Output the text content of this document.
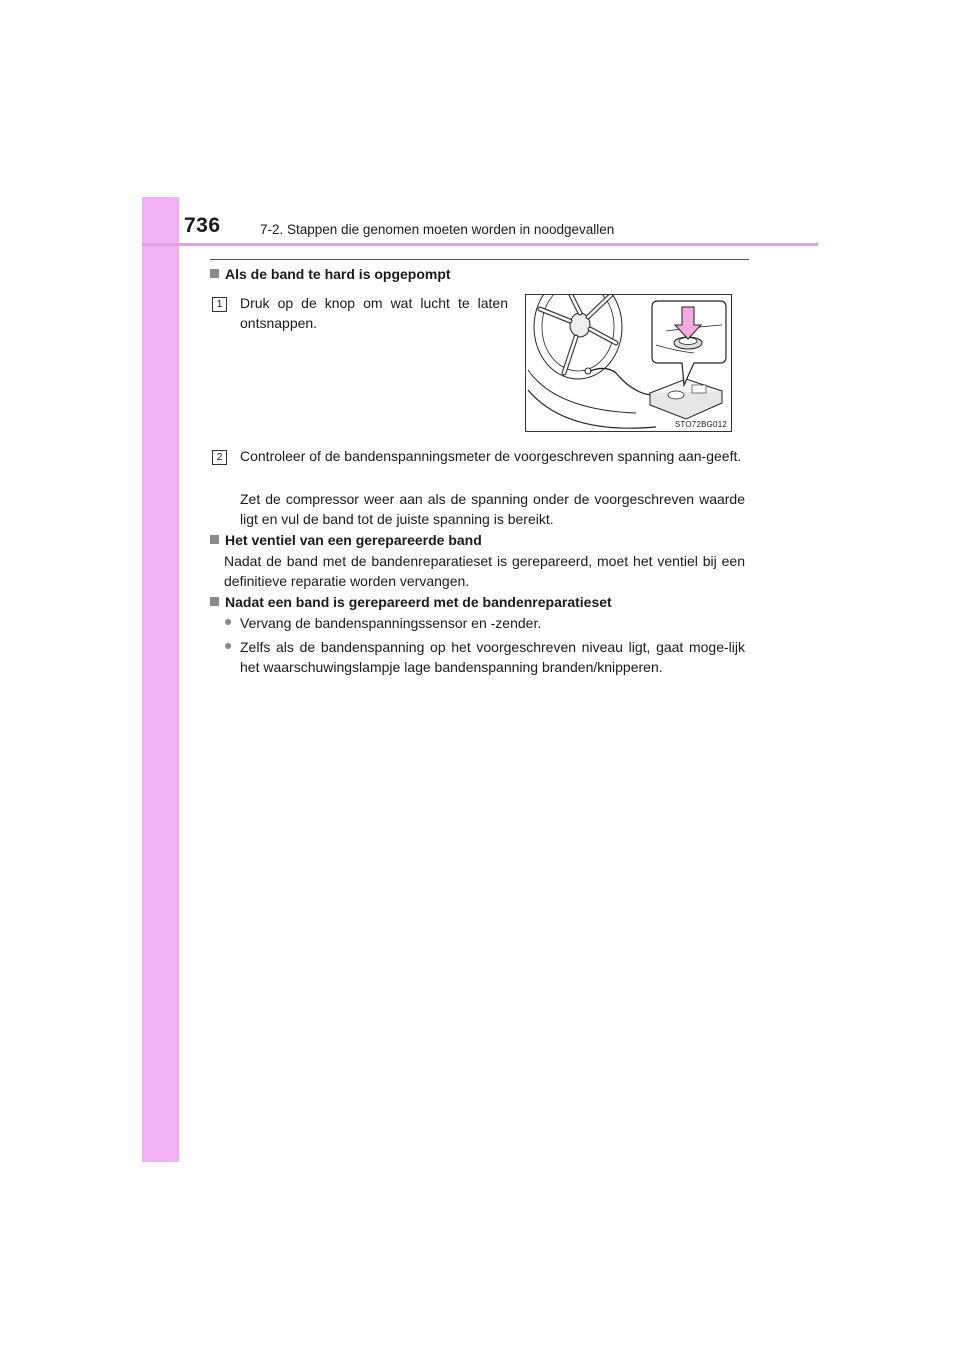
736	7-2. Stappen die genomen moeten worden in noodgevallen
Als de band te hard is opgepompt
1	Druk op de knop om wat lucht te laten ontsnappen.
STO72BG012
2	Controleer of de bandenspanningsmeter de voorgeschreven spanning aan-geeft.
Zet de compressor weer aan als de spanning onder de voorgeschreven waarde ligt en vul de band tot de juiste spanning is bereikt.
Het ventiel van een gerepareerde band
Nadat de band met de bandenreparatieset is gerepareerd, moet het ventiel bij een definitieve reparatie worden vervangen.
Nadat een band is gerepareerd met de bandenreparatieset
● Vervang de bandenspanningssensor en -zender.
● Zelfs als de bandenspanning op het voorgeschreven niveau ligt, gaat moge-lijk het waarschuwingslampje lage bandenspanning branden/knipperen.
